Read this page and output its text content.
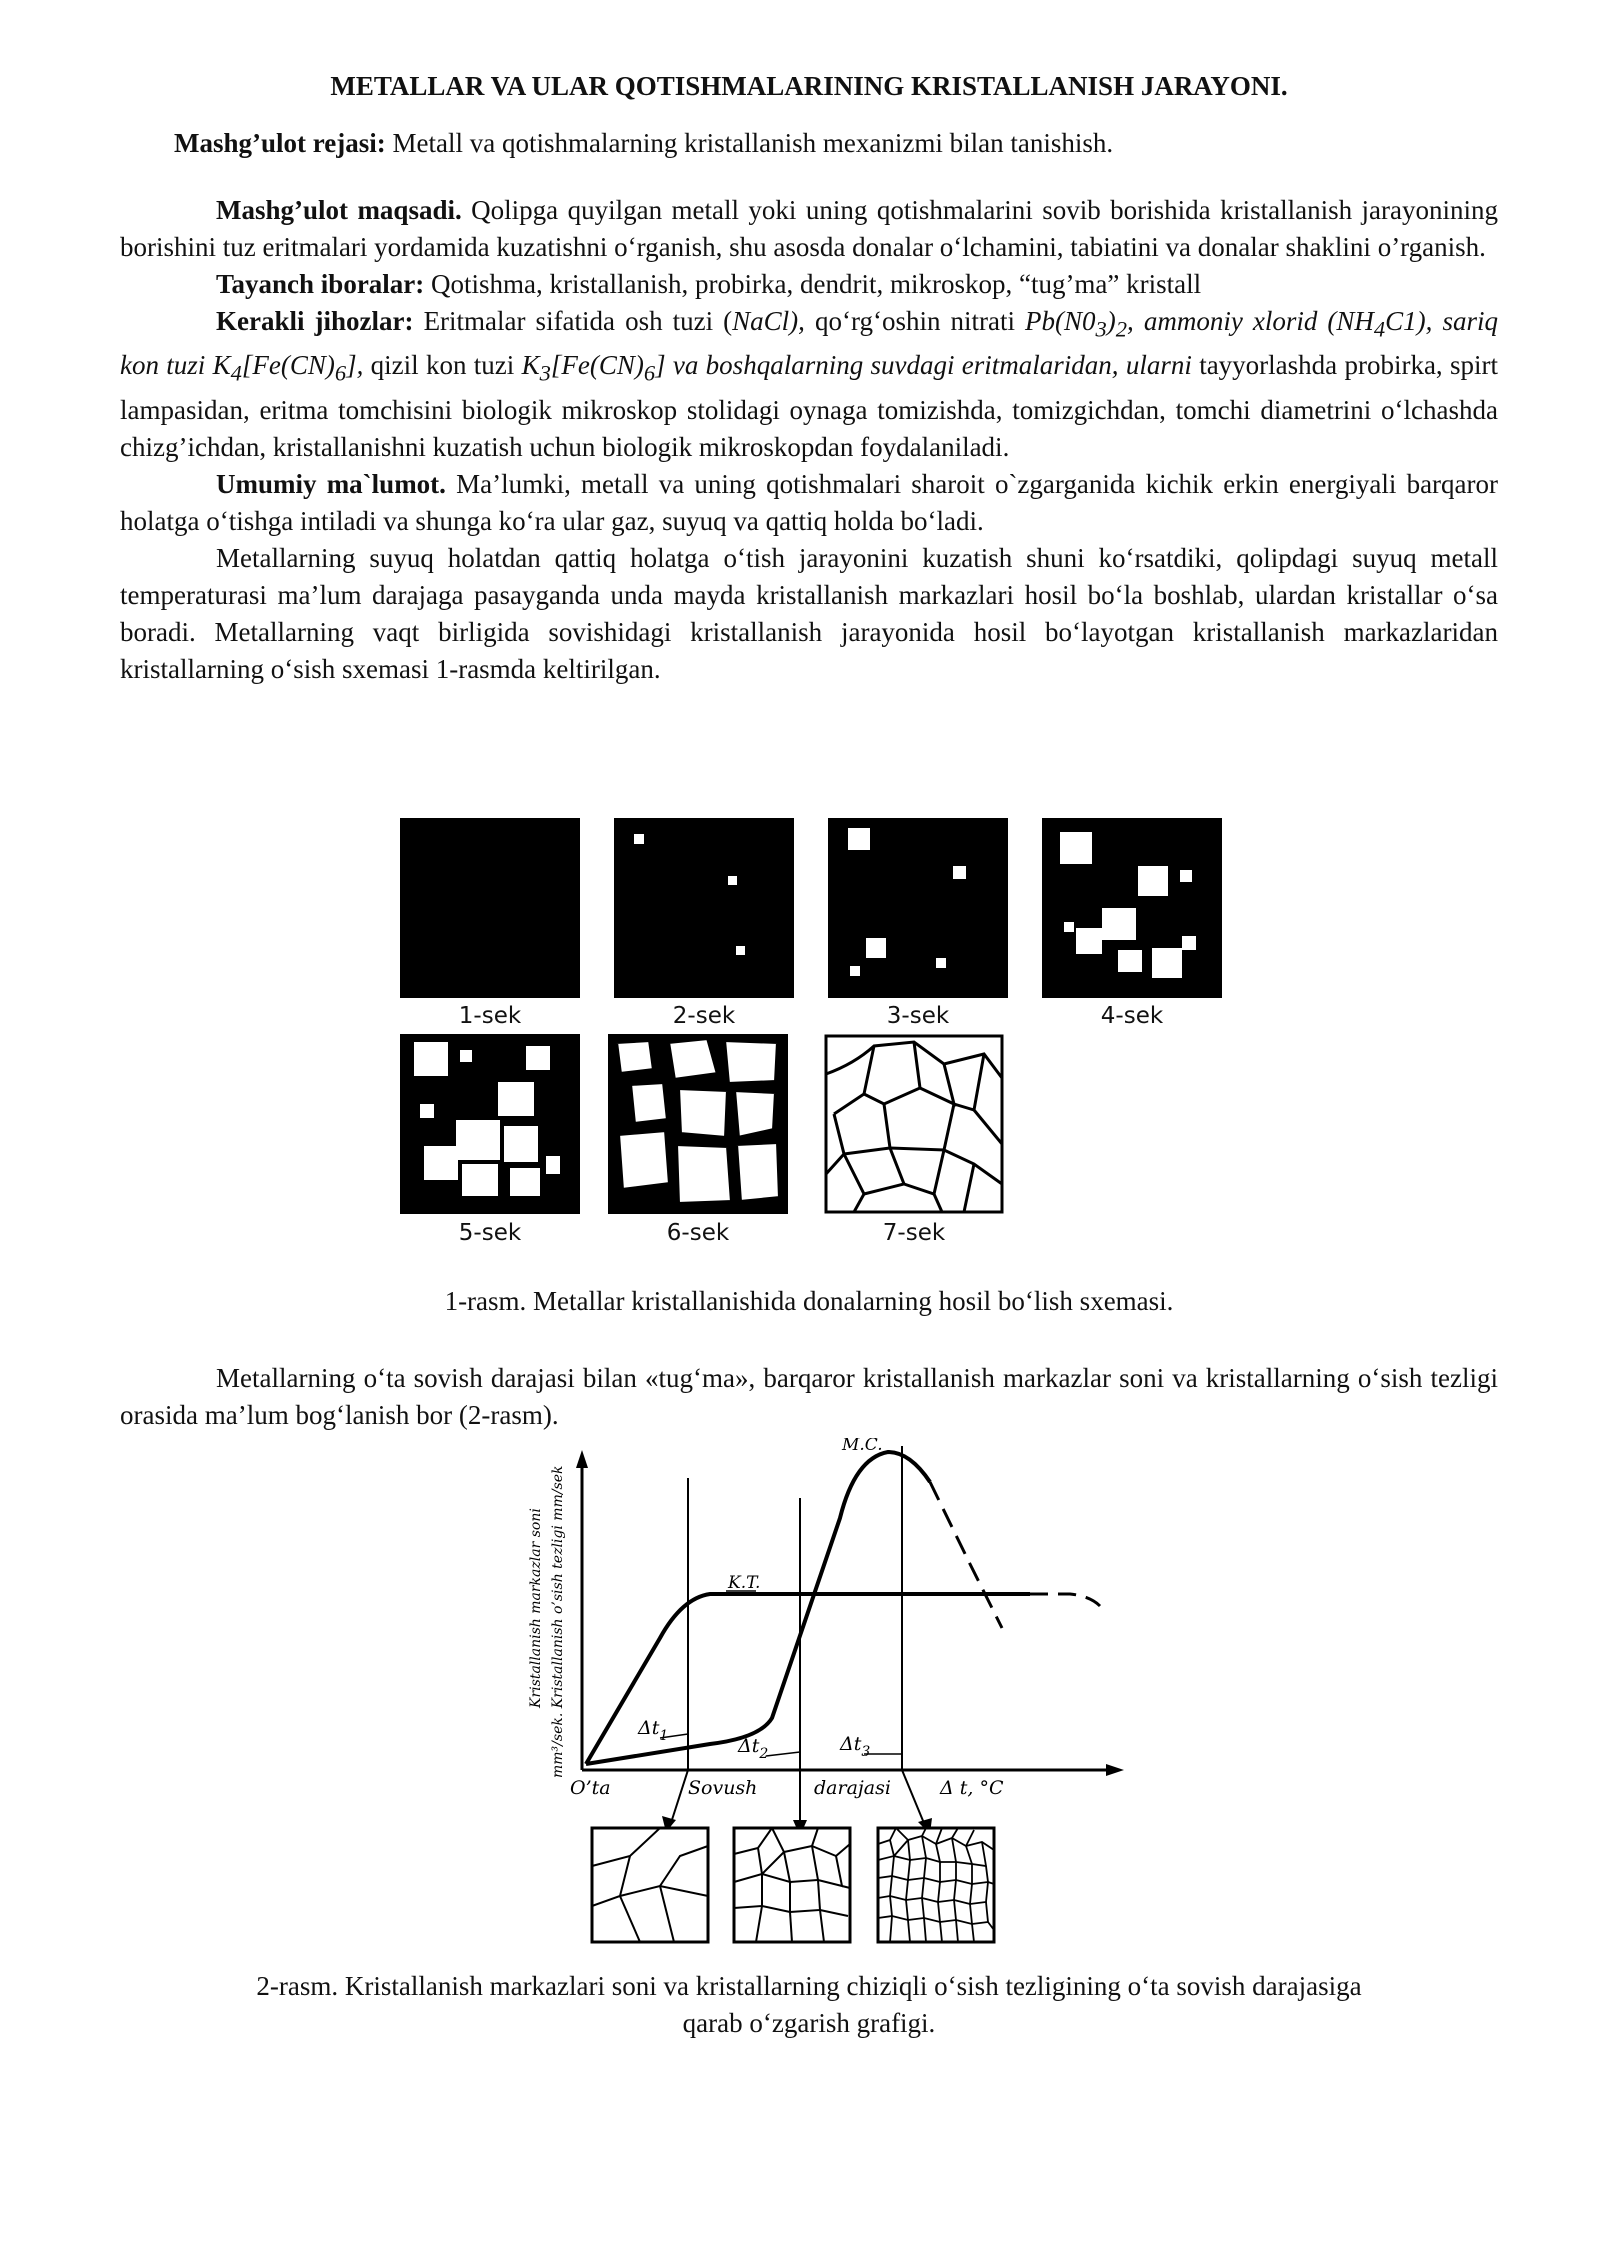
METALLAR VA ULAR QOTISHMALARINING KRISTALLANISH JARAYONI.

Mashg’ulot rejasi: Metall va qotishmalarning kristallanish mexanizmi bilan tanishish.

Mashg’ulot maqsadi. Qolipga quyilgan metall yoki uning qotishmalarini sovib borishida kristallanish jarayonining borishini tuz eritmalari yordamida kuzatishni o‘rganish, shu asosda donalar o‘lchamini, tabiatini va donalar shaklini o’rganish.

Tayanch iboralar: Qotishma, kristallanish, probirka, dendrit, mikroskop, “tug’ma” kristall

Kerakli jihozlar: Eritmalar sifatida osh tuzi (NaCl), qo‘rg‘oshin nitrati $Pb(N0_3)_2$, ammoniy xlorid $(NH_4C1)$, sariq kon tuzi $K_4[Fe(CN)_6]$, qizil kon tuzi $K_3[Fe(CN)_6]$ va boshqalarning suvdagi eritmalaridan, ularni tayyorlashda probirka, spirt lampasidan, eritma tomchisini biologik mikroskop stolidagi oynaga tomizishda, tomizgichdan, tomchi diametrini o‘lchashda chizg’ichdan, kristallanishni kuzatish uchun biologik mikroskopdan foydalaniladi.

Umumiy ma`lumot. Ma’lumki, metall va uning qotishmalari sharoit o`zgarganida kichik erkin energiyali barqaror holatga o‘tishga intiladi va shunga ko‘ra ular gaz, suyuq va qattiq holda bo‘ladi.

Metallarning suyuq holatdan qattiq holatga o‘tish jarayonini kuzatish shuni ko‘rsatdiki, qolipdagi suyuq metall temperaturasi ma’lum darajaga pasayganda unda mayda kristallanish markazlari hosil bo‘la boshlab, ulardan kristallar o‘sa boradi. Metallarning vaqt birligida sovishidagi kristallanish jarayonida hosil bo‘layotgan kristallanish markazlaridan kristallarning o‘sish sxemasi 1-rasmda keltirilgan.

1-sek	2-sek	3-sek	4-sek
5-sek	6-sek	7-sek
1-rasm. Metallar kristallanishida donalarning hosil bo‘lish sxemasi.

Metallarning o‘ta sovish darajasi bilan «tug‘ma», barqaror kristallanish markazlar soni va kristallarning o‘sish tezligi orasida ma’lum bog‘lanish bor (2-rasm).

M.C.
K.T.
$\Delta t_1$	$\Delta t_2$	$\Delta t_3$
O’ta	Sovush	darajasi	Δ t, °C
Kristallanish markazlar soni mm³/sek. Kristallanish o’sish tezligi mm/sek
2-rasm. Kristallanish markazlari soni va kristallarning chiziqli o‘sish tezligining o‘ta sovish darajasiga
qarab o‘zgarish grafigi.
